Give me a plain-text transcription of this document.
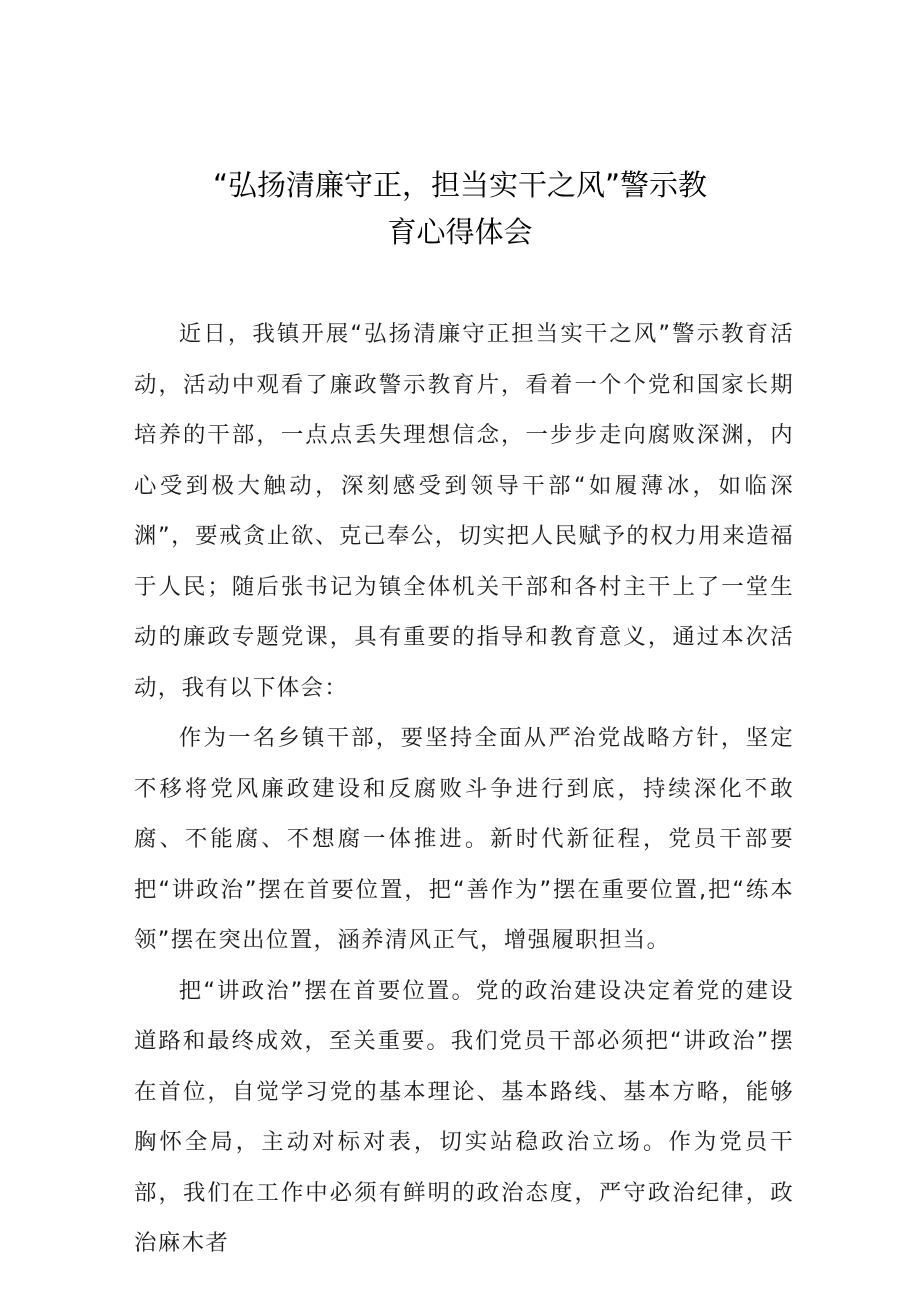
“弘扬清廉守正，担当实干之风”警示教
育心得体会

近日，我镇开展“弘扬清廉守正担当实干之风”警示教育活动，活动中观看了廉政警示教育片，看着一个个党和国家长期培养的干部，一点点丢失理想信念，一步步走向腐败深渊，内心受到极大触动，深刻感受到领导干部“如履薄冰，如临深渊”，要戒贪止欲、克己奉公，切实把人民赋予的权力用来造福于人民；随后张书记为镇全体机关干部和各村主干上了一堂生动的廉政专题党课，具有重要的指导和教育意义，通过本次活动，我有以下体会：

作为一名乡镇干部，要坚持全面从严治党战略方针，坚定不移将党风廉政建设和反腐败斗争进行到底，持续深化不敢腐、不能腐、不想腐一体推进。新时代新征程，党员干部要把“讲政治”摆在首要位置，把“善作为”摆在重要位置,把“练本领”摆在突出位置，涵养清风正气，增强履职担当。

把“讲政治”摆在首要位置。党的政治建设决定着党的建设道路和最终成效，至关重要。我们党员干部必须把“讲政治”摆在首位，自觉学习党的基本理论、基本路线、基本方略，能够胸怀全局，主动对标对表，切实站稳政治立场。作为党员干部，我们在工作中必须有鲜明的政治态度，严守政治纪律，政治麻木者
